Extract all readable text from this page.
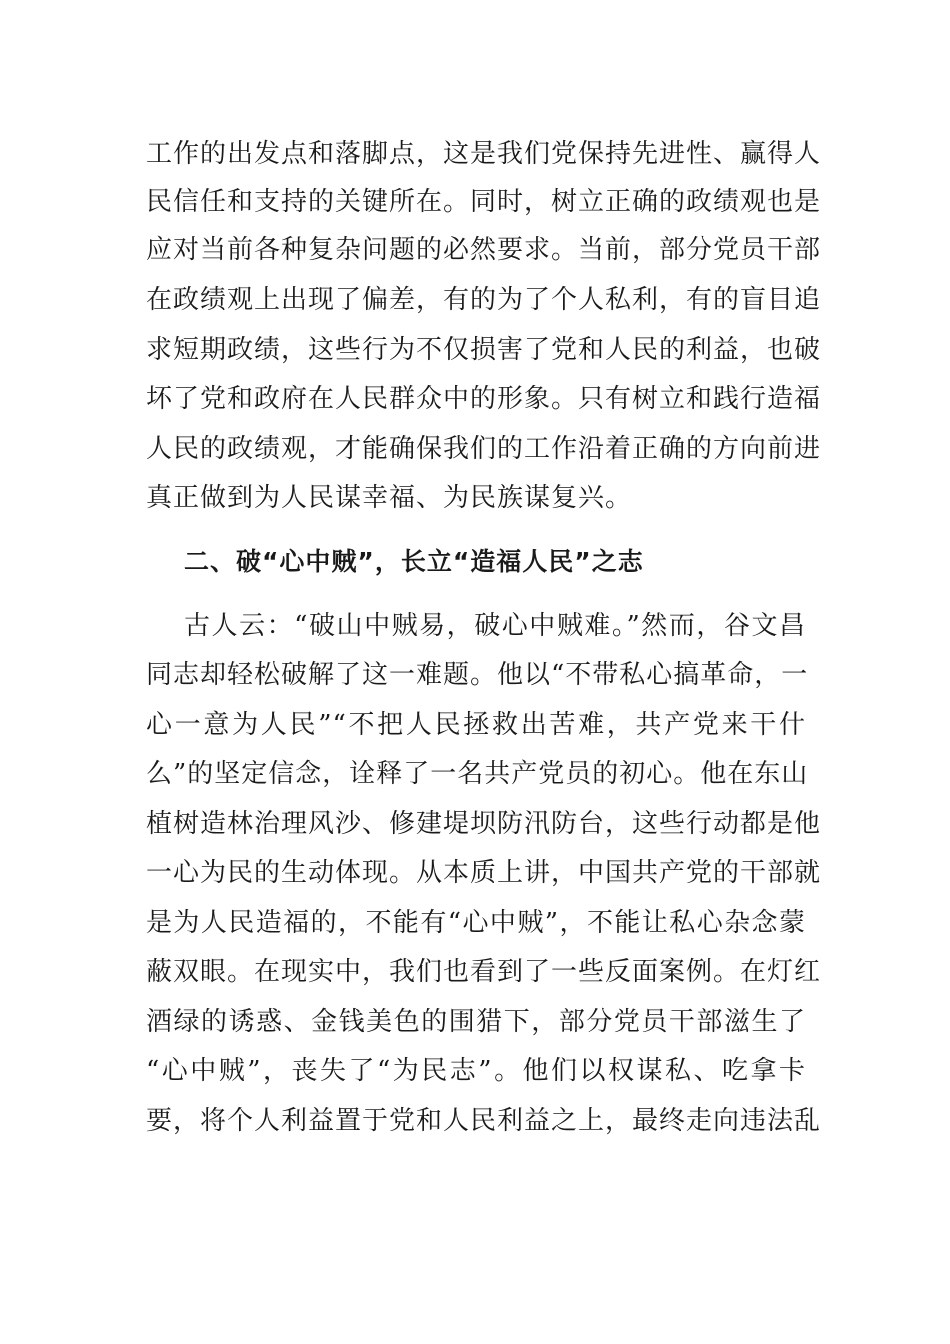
工作的出发点和落脚点，这是我们党保持先进性、赢得人
民信任和支持的关键所在。同时，树立正确的政绩观也是
应对当前各种复杂问题的必然要求。当前，部分党员干部
在政绩观上出现了偏差，有的为了个人私利，有的盲目追
求短期政绩，这些行为不仅损害了党和人民的利益，也破
坏了党和政府在人民群众中的形象。只有树立和践行造福
人民的政绩观，才能确保我们的工作沿着正确的方向前进
真正做到为人民谋幸福、为民族谋复兴。
二、破“心中贼”，长立“造福人民”之志
古人云：“破山中贼易，破心中贼难。”然而，谷文昌
同志却轻松破解了这一难题。他以“不带私心搞革命，一
心一意为人民”“不把人民拯救出苦难，共产党来干什
么”的坚定信念，诠释了一名共产党员的初心。他在东山
植树造林治理风沙、修建堤坝防汛防台，这些行动都是他
一心为民的生动体现。从本质上讲，中国共产党的干部就
是为人民造福的，不能有“心中贼”，不能让私心杂念蒙
蔽双眼。在现实中，我们也看到了一些反面案例。在灯红
酒绿的诱惑、金钱美色的围猎下，部分党员干部滋生了
“心中贼”，丧失了“为民志”。他们以权谋私、吃拿卡
要，将个人利益置于党和人民利益之上，最终走向违法乱
